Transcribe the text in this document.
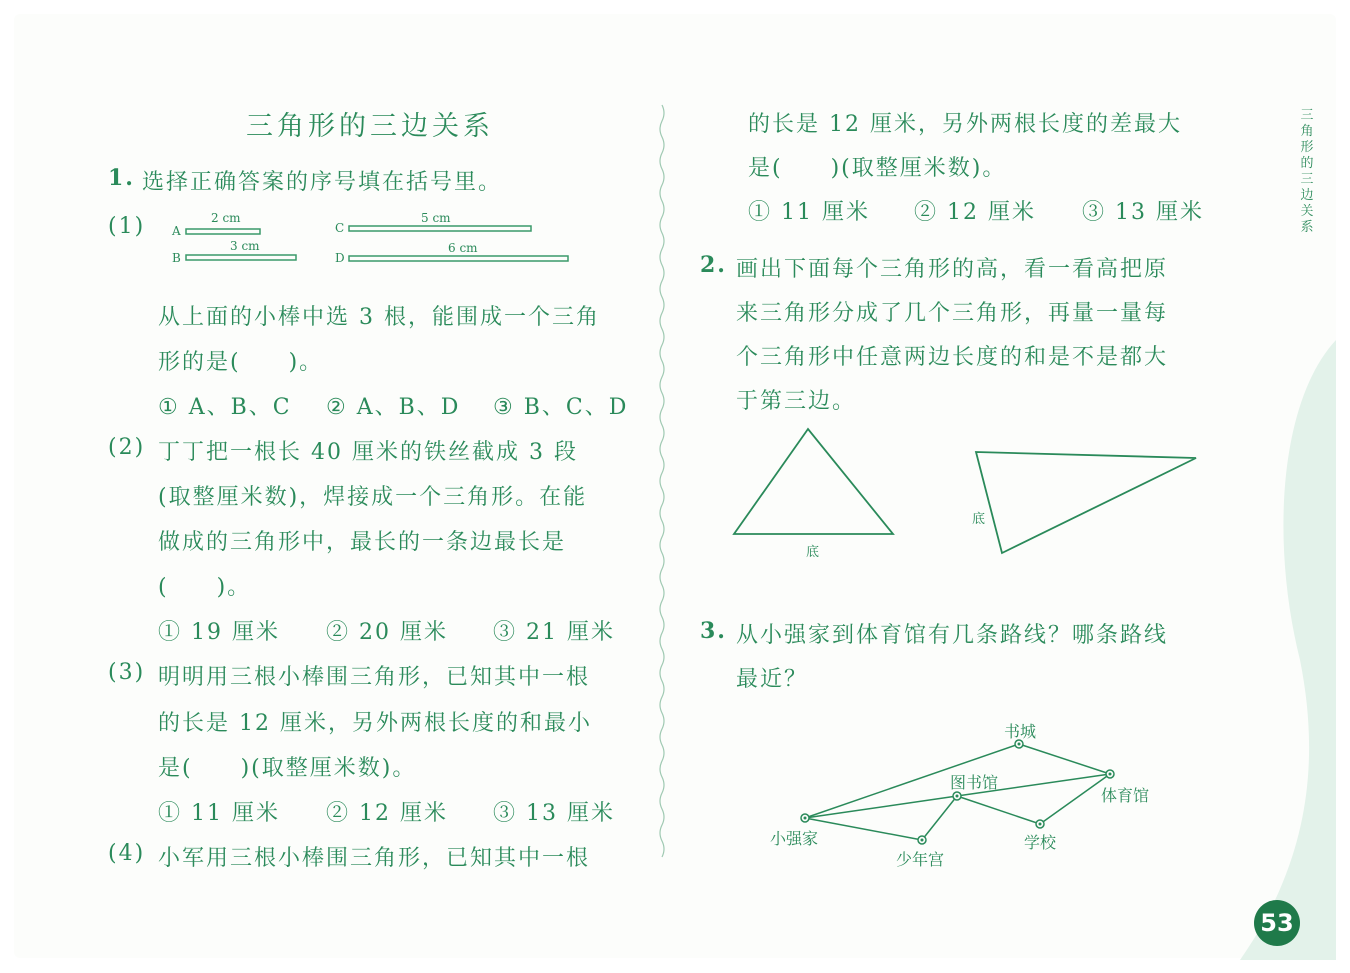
三
角
形
的
三
边
关
系
三角形的三边关系
1. 选择正确答案的序号填在括号里。
(1) A
2 cm
B
3 cm
C
5 cm
D
6 cm
从上面的小棒中选 3 根，能围成一个三角
形的是(　　)。
① A、B、C ② A、B、D ③ B、C、D
(2) 丁丁把一根长 40 厘米的铁丝截成 3 段
(取整厘米数)，焊接成一个三角形。在能
做成的三角形中，最长的一条边最长是
(　　)。
① 19 厘米 ② 20 厘米 ③ 21 厘米
(3) 明明用三根小棒围三角形，已知其中一根
的长是 12 厘米，另外两根长度的和最小
是(　　)(取整厘米数)。
① 11 厘米 ② 12 厘米 ③ 13 厘米
(4) 小军用三根小棒围三角形，已知其中一根
的长是 12 厘米，另外两根长度的差最大
是(　　)(取整厘米数)。
① 11 厘米 ② 12 厘米 ③ 13 厘米
2. 画出下面每个三角形的高，看一看高把原
来三角形分成了几个三角形，再量一量每
个三角形中任意两边长度的和是不是都大
于第三边。
底
底
3. 从小强家到体育馆有几条路线？哪条路线
最近？
小强家
书城
图书馆
体育馆
少年宫
学校
53
